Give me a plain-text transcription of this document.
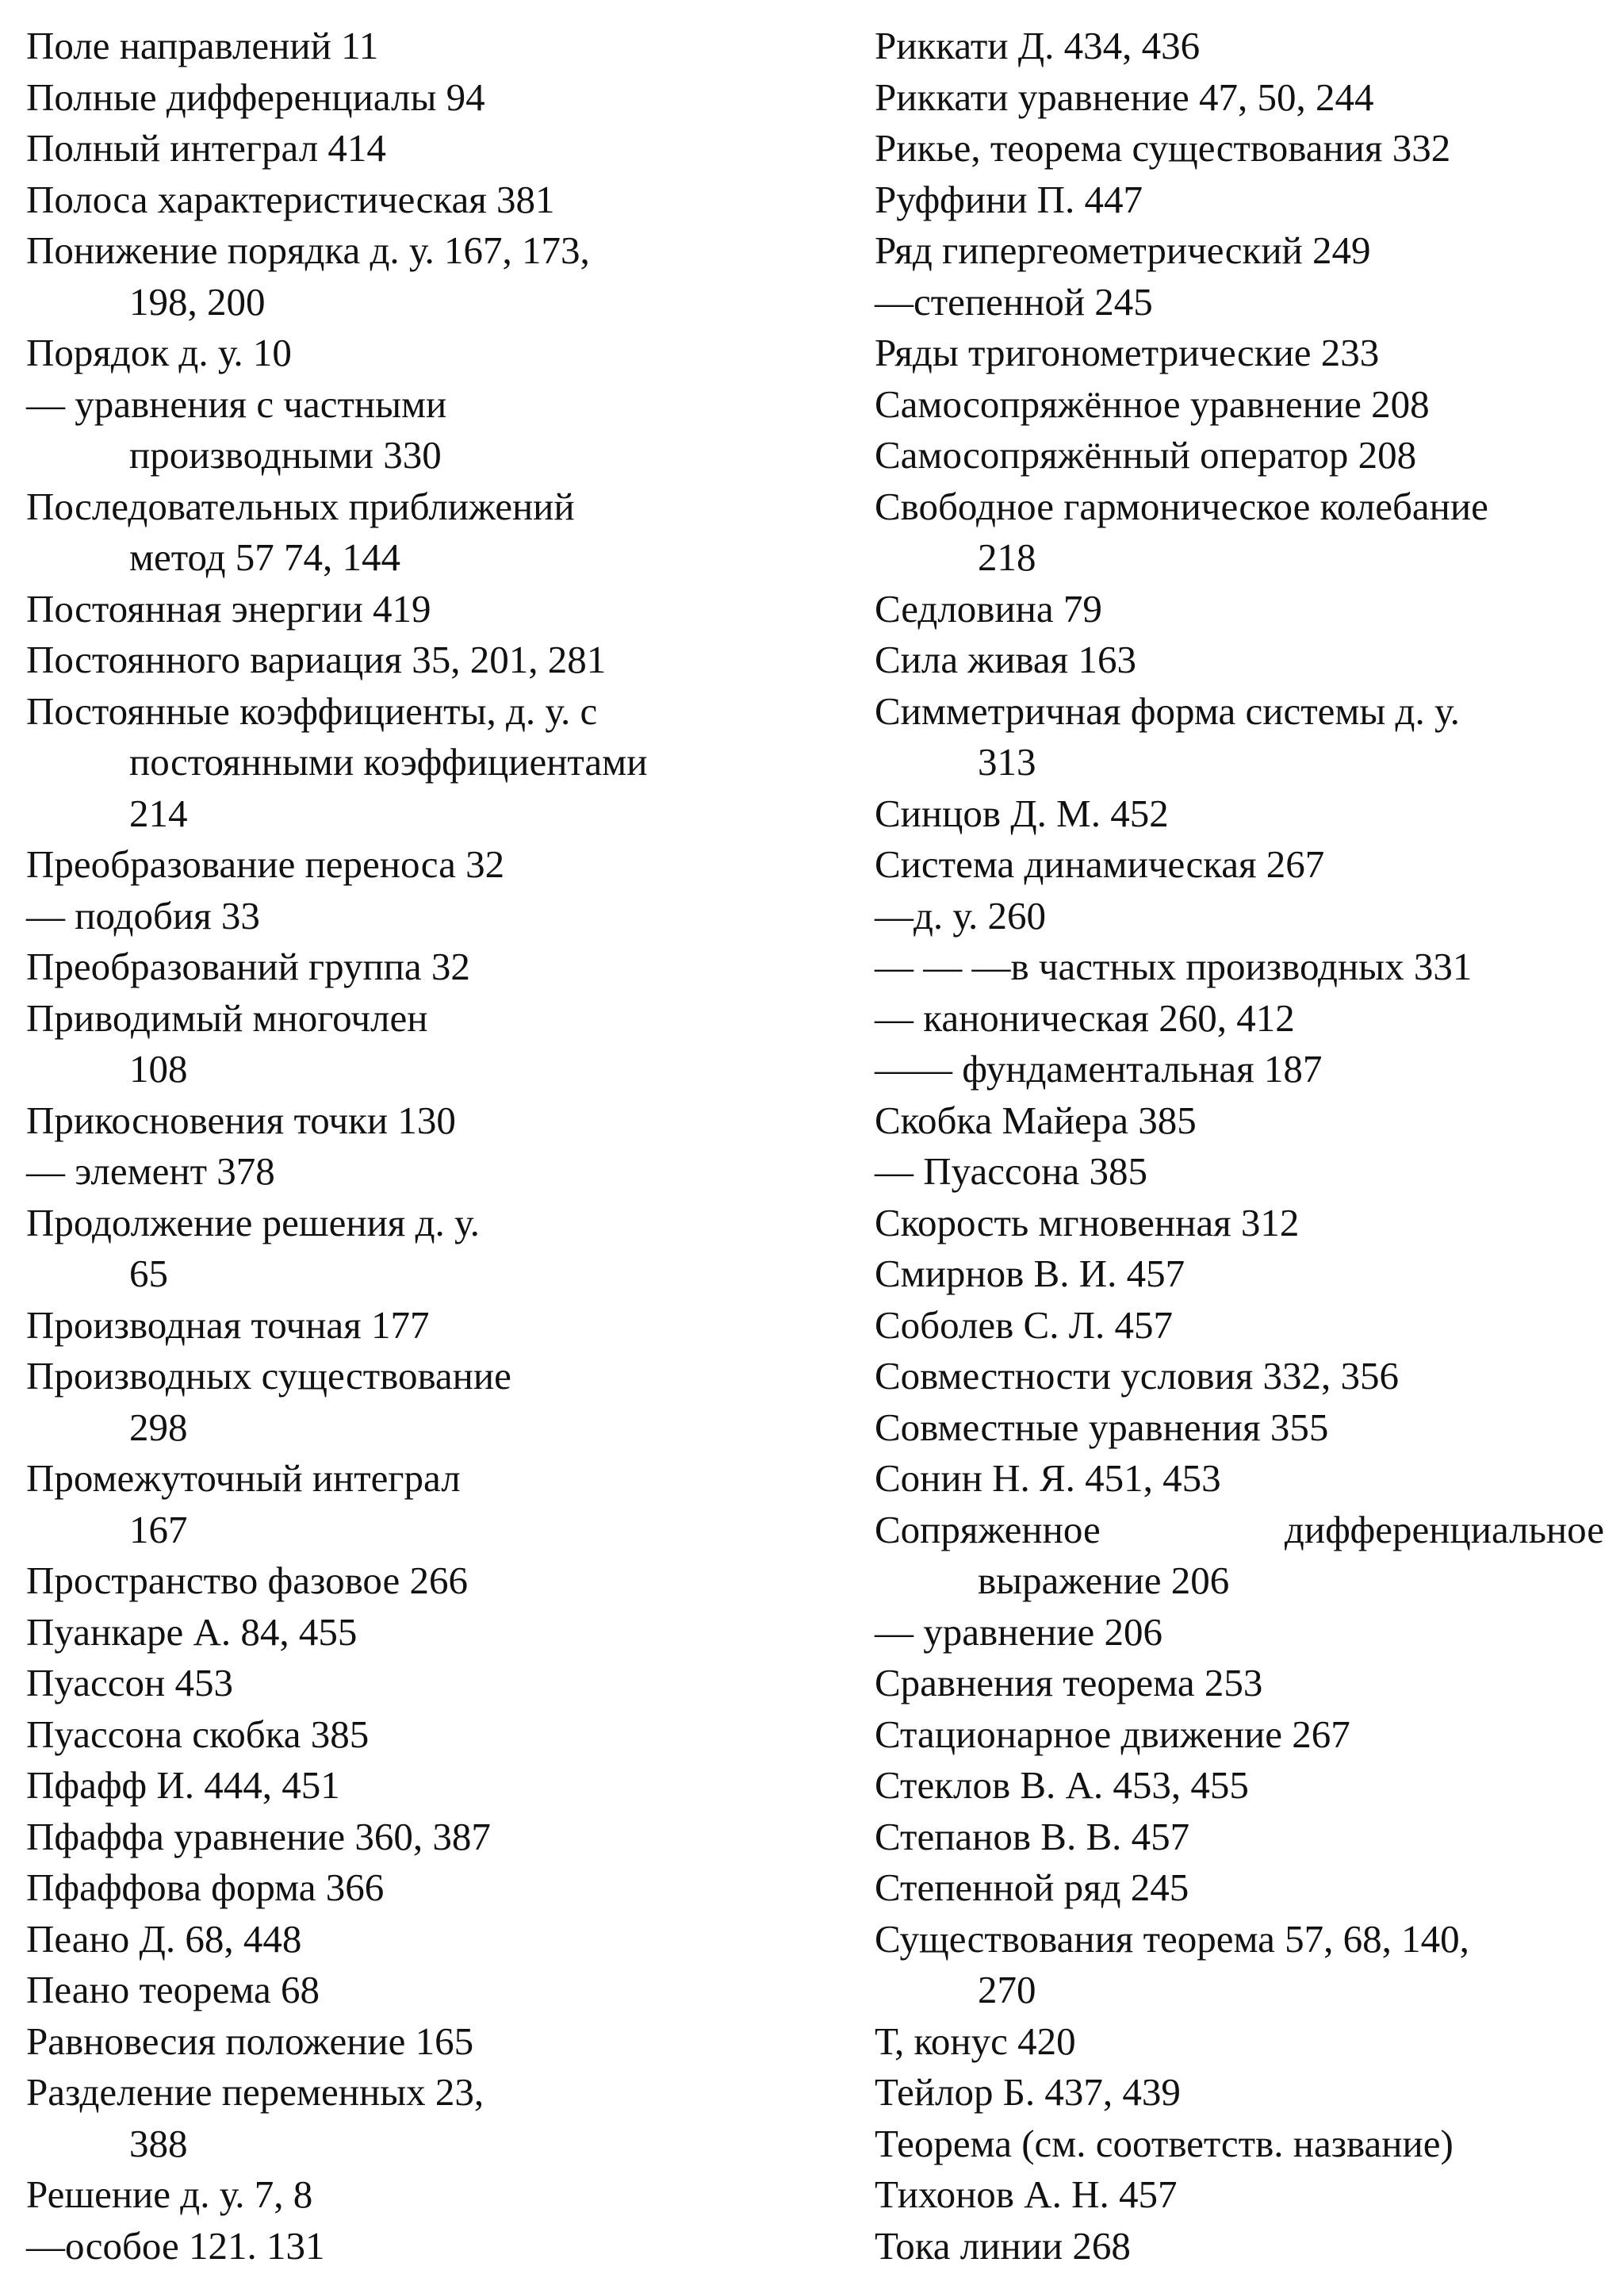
Поле направлений 11
Полные дифференциалы 94
Полный интеграл 414
Полоса характеристическая 381
Понижение порядка д. у. 167, 173,
198, 200
Порядок д. у. 10
— уравнения с частными
производными 330
Последовательных приближений
метод 57 74, 144
Постоянная энергии 419
Постоянного вариация 35, 201, 281
Постоянные коэффициенты, д. у. с
постоянными коэффициентами
214
Преобразование переноса 32
— подобия 33
Преобразований группа 32
Приводимый многочлен
108
Прикосновения точки 130
— элемент 378
Продолжение решения д. у.
65
Производная точная 177
Производных существование
298
Промежуточный интеграл
167
Пространство фазовое 266
Пуанкаре А. 84, 455
Пуассон 453
Пуассона скобка 385
Пфафф И. 444, 451
Пфаффа уравнение 360, 387
Пфаффова форма 366
Пеано Д. 68, 448
Пеано теорема 68
Равновесия положение 165
Разделение переменных 23,
388
Решение д. у. 7, 8
—особое 121. 131
Риккати Д. 434, 436
Риккати уравнение 47, 50, 244
Рикье, теорема существования 332
Руффини П. 447
Ряд гипергеометрический 249
—степенной 245
Ряды тригонометрические 233
Самосопряжённое уравнение 208
Самосопряжённый оператор 208
Свободное гармоническое колебание
218
Седловина 79
Сила живая 163
Симметричная форма системы д. у.
313
Синцов Д. М. 452
Система динамическая 267
—д. у. 260
— — —в частных производных 331
— каноническая 260, 412
—— фундаментальная 187
Скобка Майера 385
— Пуассона 385
Скорость мгновенная 312
Смирнов В. И. 457
Соболев С. Л. 457
Совместности условия 332, 356
Совместные уравнения 355
Сонин Н. Я. 451, 453
Сопряженное	дифференциальное
выражение 206
— уравнение 206
Сравнения теорема 253
Стационарное движение 267
Стеклов В. А. 453, 455
Степанов В. В. 457
Степенной ряд 245
Существования теорема 57, 68, 140,
270
Т, конус 420
Тейлор Б. 437, 439
Теорема (см. соответств. название)
Тихонов А. Н. 457
Тока линии 268
